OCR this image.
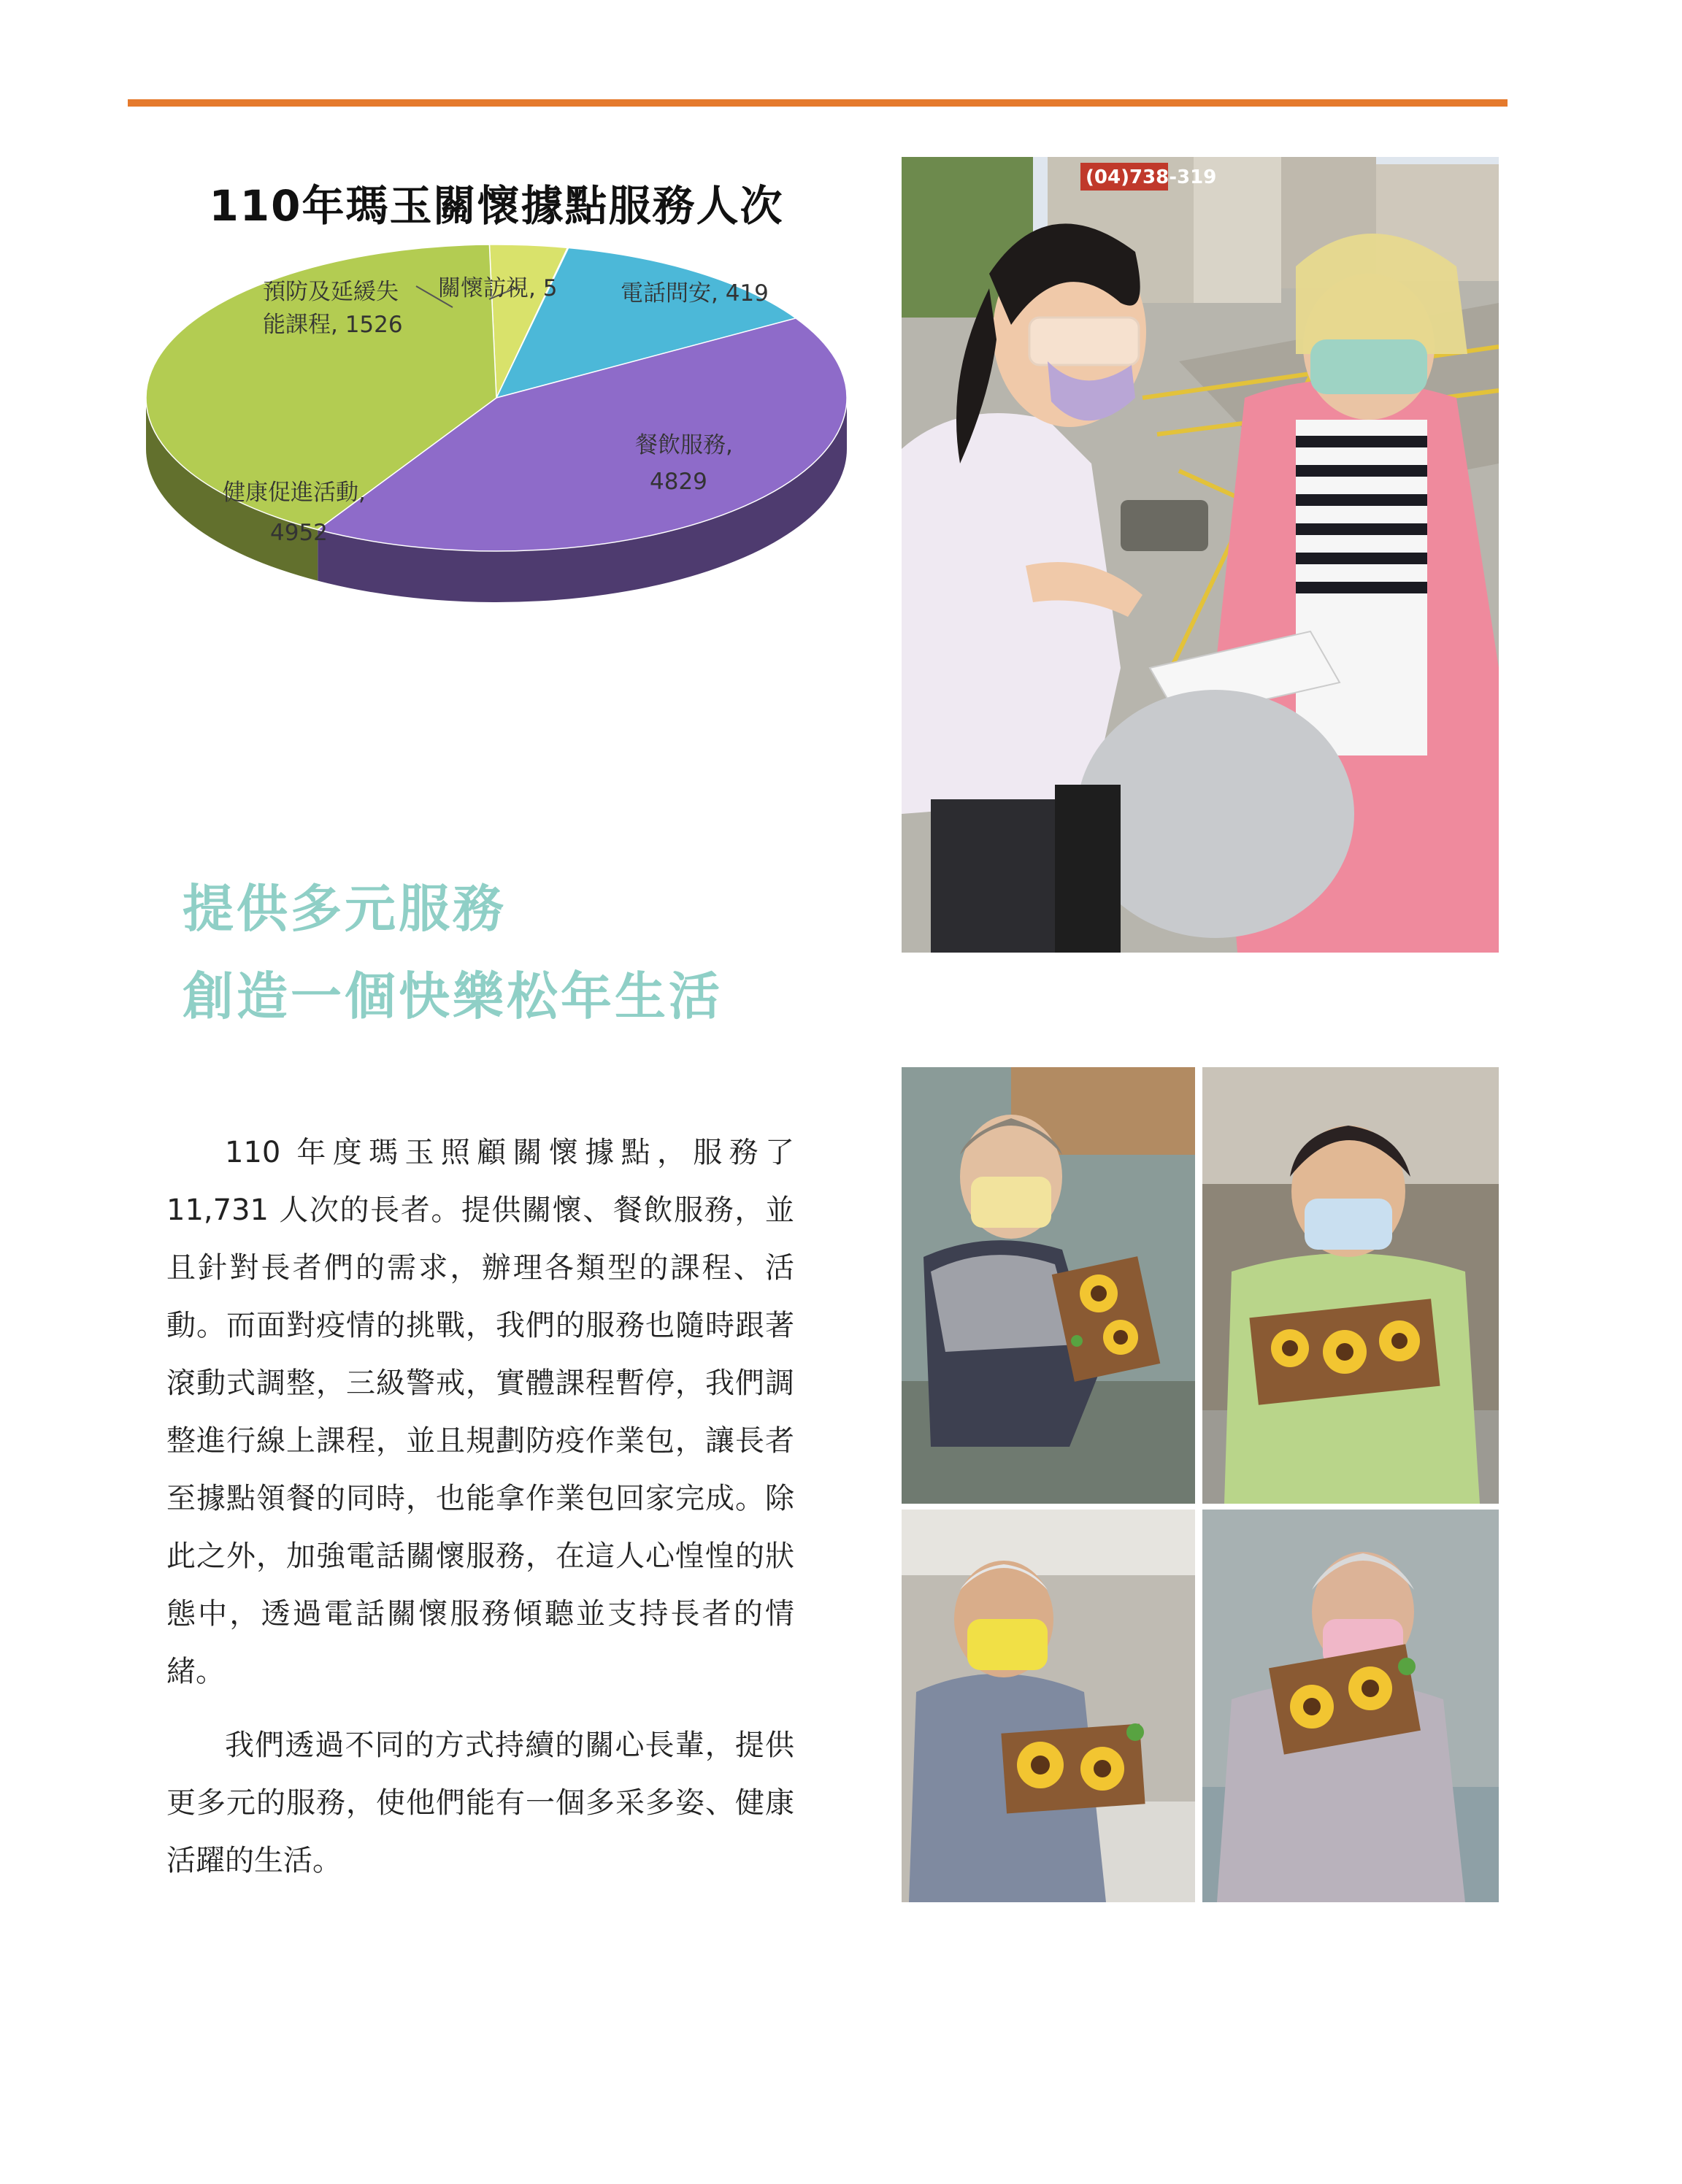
110年瑪玉關懷據點服務人次
預防及延緩失
能課程, 1526
關懷訪視, 5	電話問安, 419
餐飲服務,
4829
健康促進活動,
4952
提供多元服務
創造一個快樂松年生活

110 年度瑪玉照顧關懷據點，服務了11,731 人次的長者。提供關懷、餐飲服務，並且針對長者們的需求，辦理各類型的課程、活動。而面對疫情的挑戰，我們的服務也隨時跟著滾動式調整，三級警戒，實體課程暫停，我們調整進行線上課程，並且規劃防疫作業包，讓長者至據點領餐的同時，也能拿作業包回家完成。除此之外，加強電話關懷服務，在這人心惶惶的狀態中，透過電話關懷服務傾聽並支持長者的情緒。

我們透過不同的方式持續的關心長輩，提供更多元的服務，使他們能有一個多采多姿、健康活躍的生活。

(04)738-319
